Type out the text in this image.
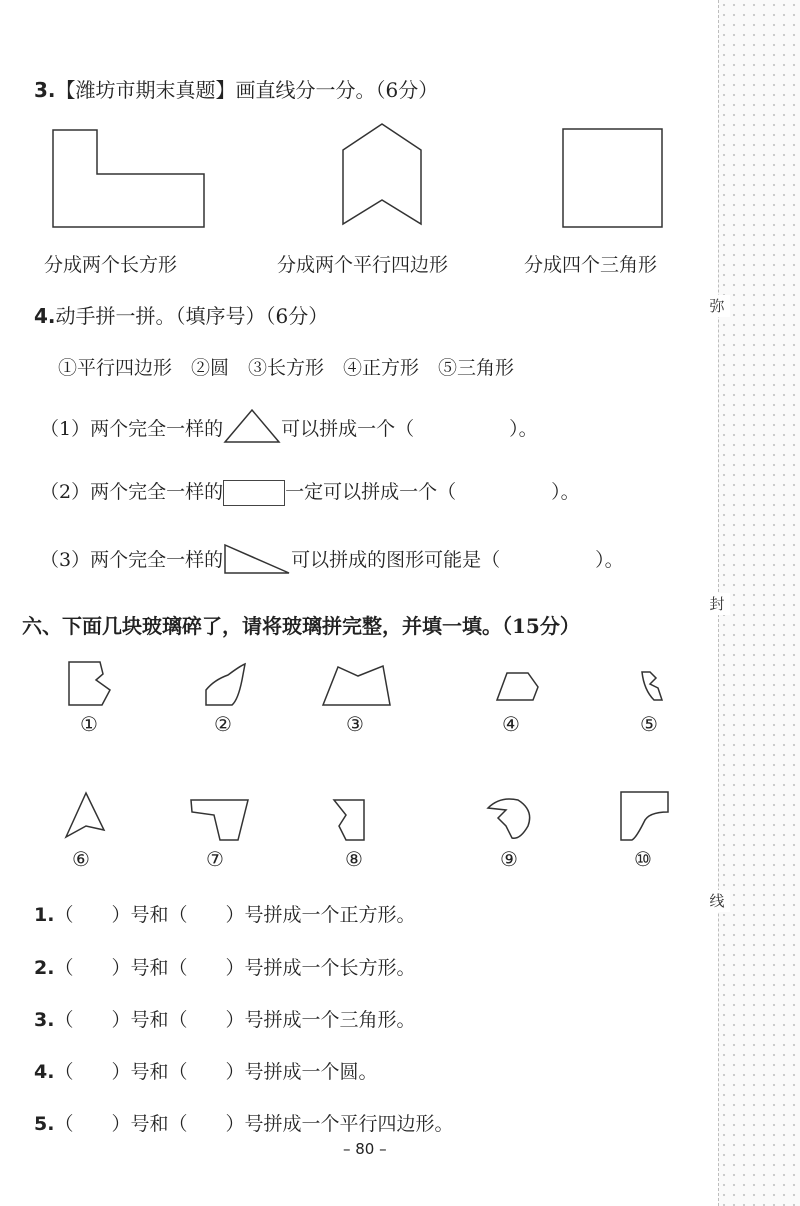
弥
封
线
3.【潍坊市期末真题】画直线分一分。（6分）
分成两个长方形	分成两个平行四边形	分成四个三角形
4.动手拼一拼。（填序号）（6分）
①平行四边形　②圆　③长方形　④正方形　⑤三角形
（1）两个完全一样的	可以拼成一个（　　　　　）。
（2）两个完全一样的	一定可以拼成一个（　　　　　）。
（3）两个完全一样的	可以拼成的图形可能是（　　　　　）。
六、下面几块玻璃碎了，请将玻璃拼完整，并填一填。（15分）
①	②	③	④	⑤
⑥	⑦	⑧	⑨	⑩
1.（　　）号和（　　）号拼成一个正方形。
2.（　　）号和（　　）号拼成一个长方形。
3.（　　）号和（　　）号拼成一个三角形。
4.（　　）号和（　　）号拼成一个圆。
5.（　　）号和（　　）号拼成一个平行四边形。
– 80 –
